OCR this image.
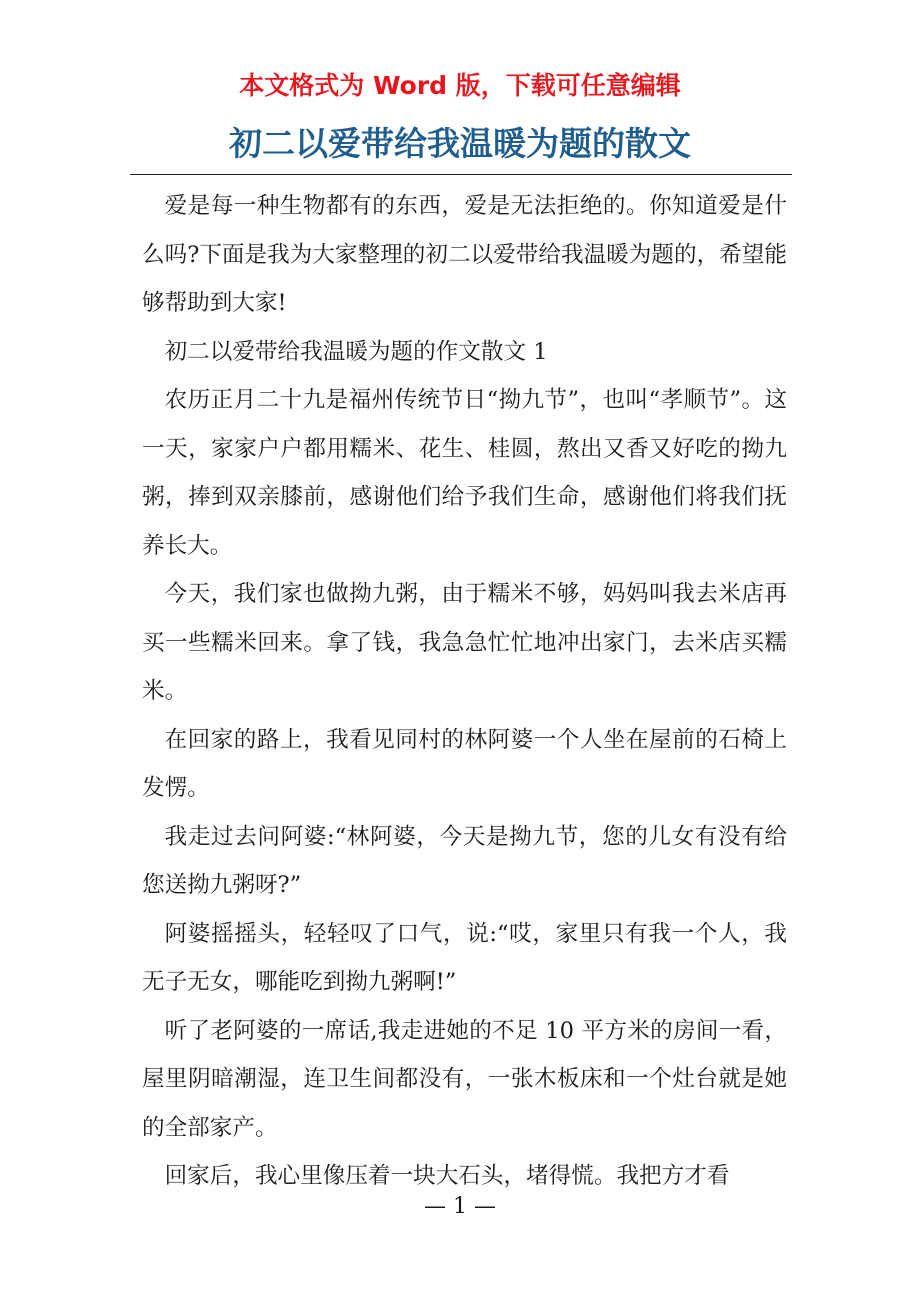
本文格式为 Word 版，下载可任意编辑
初二以爱带给我温暖为题的散文

爱是每一种生物都有的东西，爱是无法拒绝的。你知道爱是什么吗?下面是我为大家整理的初二以爱带给我温暖为题的，希望能够帮助到大家!

初二以爱带给我温暖为题的作文散文 1

农历正月二十九是福州传统节日“拗九节”，也叫“孝顺节”。这一天，家家户户都用糯米、花生、桂圆，熬出又香又好吃的拗九粥，捧到双亲膝前，感谢他们给予我们生命，感谢他们将我们抚养长大。

今天，我们家也做拗九粥，由于糯米不够，妈妈叫我去米店再买一些糯米回来。拿了钱，我急急忙忙地冲出家门，去米店买糯米。

在回家的路上，我看见同村的林阿婆一个人坐在屋前的石椅上发愣。

我走过去问阿婆:“林阿婆，今天是拗九节，您的儿女有没有给您送拗九粥呀?”

阿婆摇摇头，轻轻叹了口气，说:“哎，家里只有我一个人，我无子无女，哪能吃到拗九粥啊!”

听了老阿婆的一席话,我走进她的不足 10 平方米的房间一看，屋里阴暗潮湿，连卫生间都没有，一张木板床和一个灶台就是她的全部家产。

回家后，我心里像压着一块大石头，堵得慌。我把方才看

— 1 —
